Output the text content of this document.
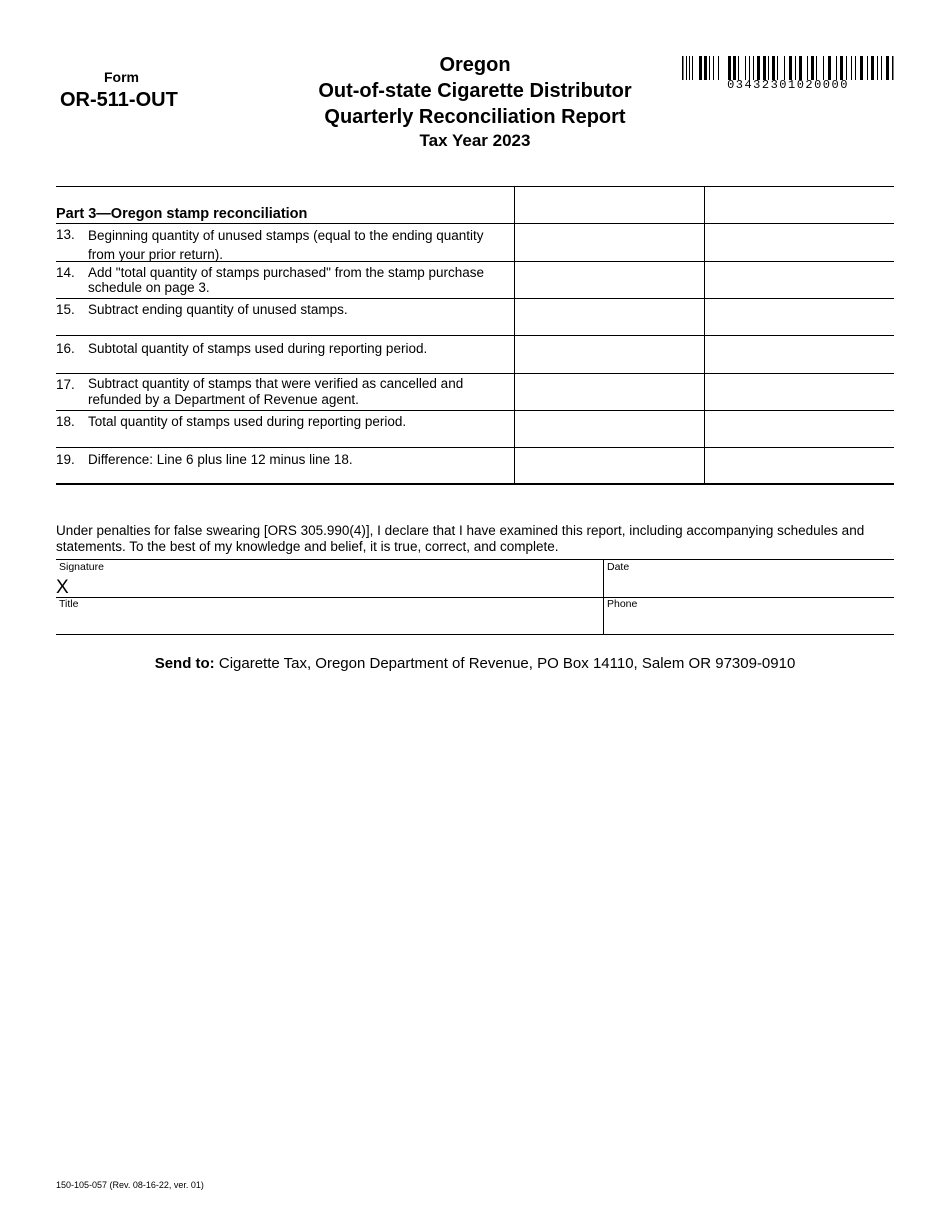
Form
OR-511-OUT
Oregon
Out-of-state Cigarette Distributor
Quarterly Reconciliation Report
Tax Year 2023
03432301020000
Part 3—Oregon stamp reconciliation
13. Beginning quantity of unused stamps (equal to the ending quantity from your prior return).
14. Add "total quantity of stamps purchased" from the stamp purchase schedule on page 3.
15. Subtract ending quantity of unused stamps.
16. Subtotal quantity of stamps used during reporting period.
17. Subtract quantity of stamps that were verified as cancelled and refunded by a Department of Revenue agent.
18. Total quantity of stamps used during reporting period.
19. Difference: Line 6 plus line 12 minus line 18.
Under penalties for false swearing [ORS 305.990(4)], I declare that I have examined this report, including accompanying schedules and statements. To the best of my knowledge and belief, it is true, correct, and complete.
Signature
X
Date
Title	Phone
Send to: Cigarette Tax, Oregon Department of Revenue, PO Box 14110, Salem OR 97309-0910
150-105-057 (Rev. 08-16-22, ver. 01)
